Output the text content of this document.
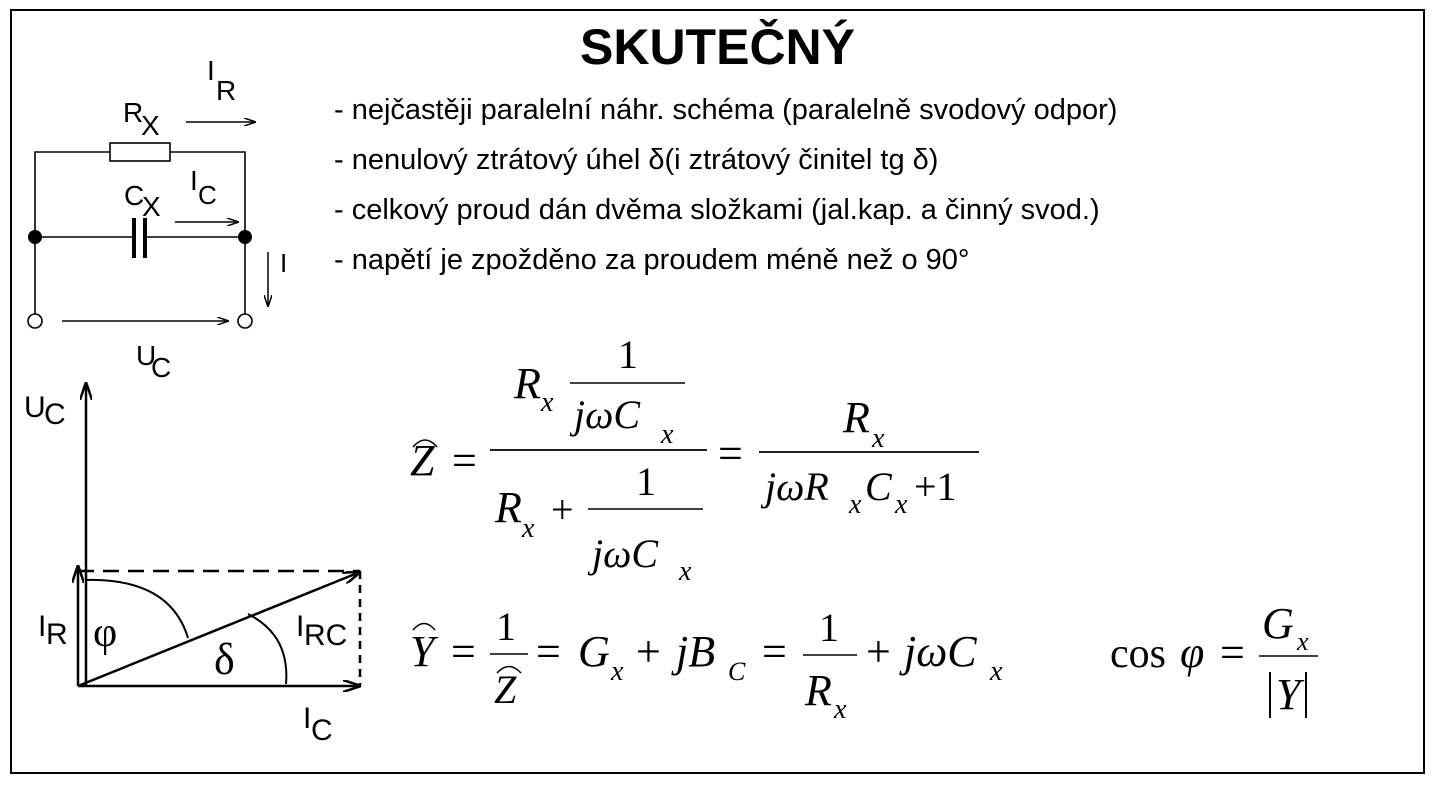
SKUTEČNÝ
- nejčastěji paralelní náhr. schéma (paralelně svodový odpor)
- nenulový ztrátový úhel δ(i ztrátový činitel tg δ)
- celkový proud dán dvěma složkami (jal.kap. a činný svod.)
- napětí je zpožděno za proudem méně než o 90°
I
R
R
X
C
X
I C
I
U
C
U
C
I R φ
δ
I RC
I C
Z =
R x
1
jωC x
R x +
1
jωC x
=
R x
jωR x C x +1
Y =
1
Z
= G x + jB C = 1
R x
+ jωC x	cos φ =
G x
Y
